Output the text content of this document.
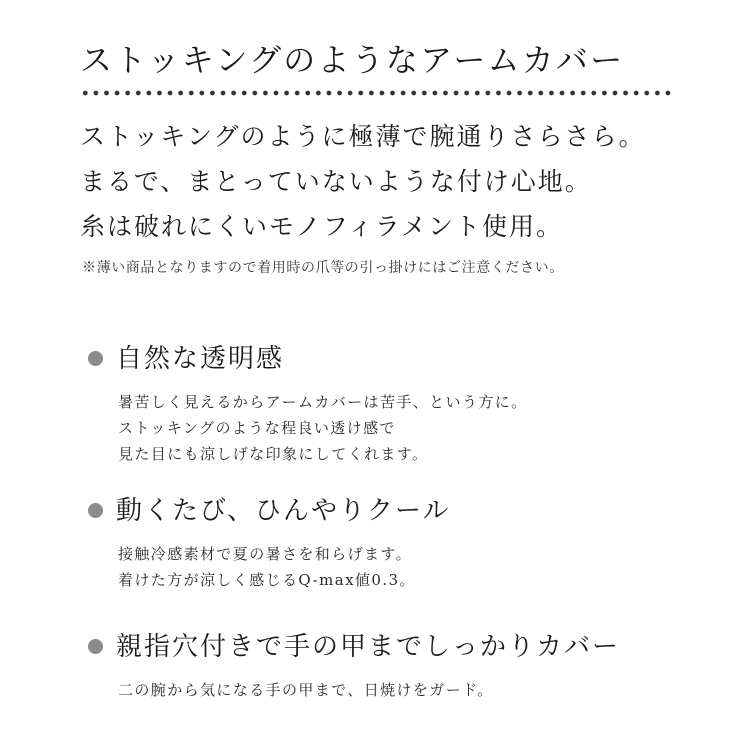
ストッキングのようなアームカバー
ストッキングのように極薄で腕通りさらさら。
まるで、まとっていないような付け心地。
糸は破れにくいモノフィラメント使用。
※薄い商品となりますので着用時の爪等の引っ掛けにはご注意ください。
自然な透明感
暑苦しく見えるからアームカバーは苦手、という方に。
ストッキングのような程良い透け感で
見た目にも涼しげな印象にしてくれます。
動くたび、ひんやりクール
接触冷感素材で夏の暑さを和らげます。
着けた方が涼しく感じるQ-max値0.3。
親指穴付きで手の甲までしっかりカバー
二の腕から気になる手の甲まで、日焼けをガード。
